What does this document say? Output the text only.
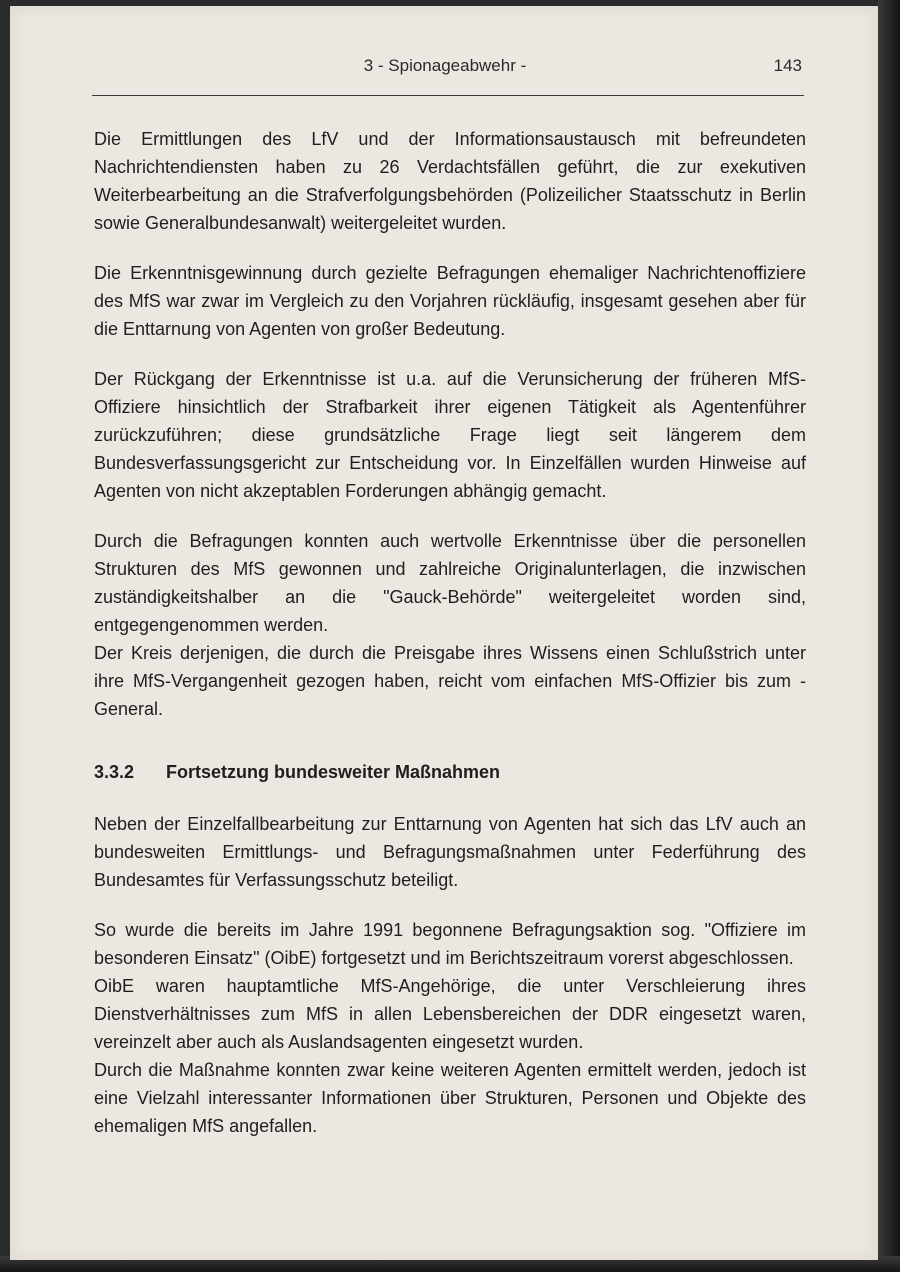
3 - Spionageabwehr -	143

Die Ermittlungen des LfV und der Informationsaustausch mit befreundeten Nachrichtendiensten haben zu 26 Verdachtsfällen geführt, die zur exekutiven Weiterbearbeitung an die Strafverfolgungsbehörden (Polizeilicher Staatsschutz in Berlin sowie Generalbundesanwalt) weitergeleitet wurden.

Die Erkenntnisgewinnung durch gezielte Befragungen ehemaliger Nachrichtenoffiziere des MfS war zwar im Vergleich zu den Vorjahren rückläufig, insgesamt gesehen aber für die Enttarnung von Agenten von großer Bedeutung.

Der Rückgang der Erkenntnisse ist u.a. auf die Verunsicherung der früheren MfS-Offiziere hinsichtlich der Strafbarkeit ihrer eigenen Tätigkeit als Agentenführer zurückzuführen; diese grundsätzliche Frage liegt seit längerem dem Bundesverfassungsgericht zur Entscheidung vor. In Einzelfällen wurden Hinweise auf Agenten von nicht akzeptablen Forderungen abhängig gemacht.

Durch die Befragungen konnten auch wertvolle Erkenntnisse über die personellen Strukturen des MfS gewonnen und zahlreiche Originalunterlagen, die inzwischen zuständigkeitshalber an die "Gauck-Behörde" weitergeleitet worden sind, entgegengenommen werden.

Der Kreis derjenigen, die durch die Preisgabe ihres Wissens einen Schlußstrich unter ihre MfS-Vergangenheit gezogen haben, reicht vom einfachen MfS-Offizier bis zum -General.

3.3.2 Fortsetzung bundesweiter Maßnahmen

Neben der Einzelfallbearbeitung zur Enttarnung von Agenten hat sich das LfV auch an bundesweiten Ermittlungs- und Befragungsmaßnahmen unter Federführung des Bundesamtes für Verfassungsschutz beteiligt.

So wurde die bereits im Jahre 1991 begonnene Befragungsaktion sog. "Offiziere im besonderen Einsatz" (OibE) fortgesetzt und im Berichtszeitraum vorerst abgeschlossen.

OibE waren hauptamtliche MfS-Angehörige, die unter Verschleierung ihres Dienstverhältnisses zum MfS in allen Lebensbereichen der DDR eingesetzt waren, vereinzelt aber auch als Auslandsagenten eingesetzt wurden.

Durch die Maßnahme konnten zwar keine weiteren Agenten ermittelt werden, jedoch ist eine Vielzahl interessanter Informationen über Strukturen, Personen und Objekte des ehemaligen MfS angefallen.
